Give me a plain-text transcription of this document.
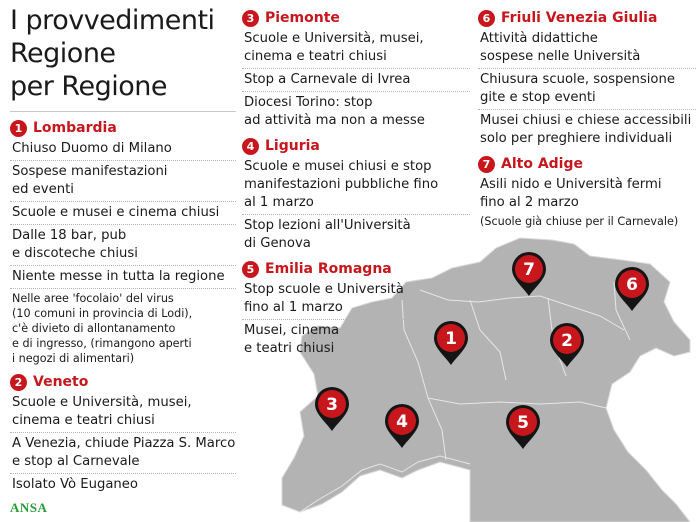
1	2
3
4	5
6
7
I provvedimenti
Regione
per Regione
1 Lombardia
Chiuso Duomo di Milano
Sospese manifestazioni
ed eventi
Scuole e musei e cinema chiusi
Dalle 18 bar, pub
e discoteche chiusi
Niente messe in tutta la regione
Nelle aree 'focolaio' del virus
(10 comuni in provincia di Lodi),
c'è divieto di allontanamento
e di ingresso, (rimangono aperti
i negozi di alimentari)
2 Veneto
Scuole e Università, musei,
cinema e teatri chiusi
A Venezia, chiude Piazza S. Marco
e stop al Carnevale
Isolato Vò Euganeo
3 Piemonte
Scuole e Università, musei,
cinema e teatri chiusi
Stop a Carnevale di Ivrea
Diocesi Torino: stop
ad attività ma non a messe
4 Liguria
Scuole e musei chiusi e stop
manifestazioni pubbliche fino
al 1 marzo
Stop lezioni all'Università
di Genova
5 Emilia Romagna
Stop scuole e Università
fino al 1 marzo
Musei, cinema
e teatri chiusi
6 Friuli Venezia Giulia
Attività didattiche
sospese nelle Università
Chiusura scuole, sospensione
gite e stop eventi
Musei chiusi e chiese accessibili
solo per preghiere individuali
7 Alto Adige
Asili nido e Università fermi
fino al 2 marzo
(Scuole già chiuse per il Carnevale)
ANSA
